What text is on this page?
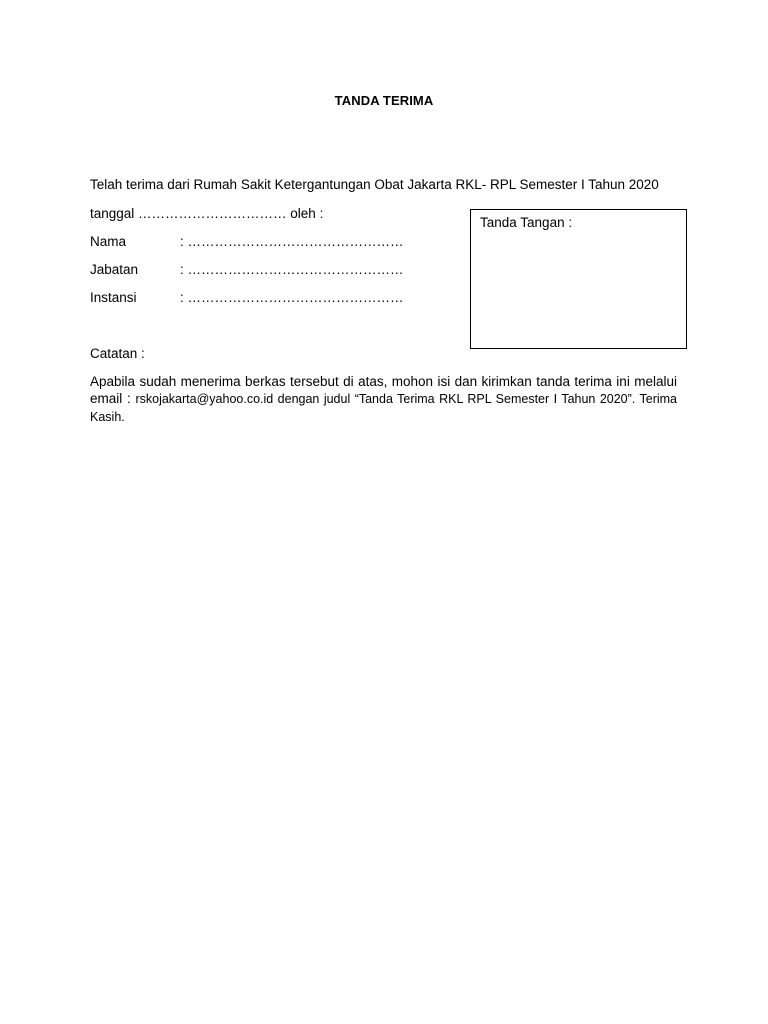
TANDA TERIMA
Telah terima dari Rumah Sakit Ketergantungan Obat Jakarta RKL- RPL Semester I Tahun 2020
tanggal …………………………… oleh :
Nama	: …………………………………………
Jabatan	: …………………………………………
Instansi	: …………………………………………
Tanda Tangan :
Catatan :
Apabila sudah menerima berkas tersebut di atas, mohon isi dan kirimkan tanda terima ini melalui email : rskojakarta@yahoo.co.id dengan judul “Tanda Terima RKL RPL Semester I Tahun 2020”. Terima Kasih.
